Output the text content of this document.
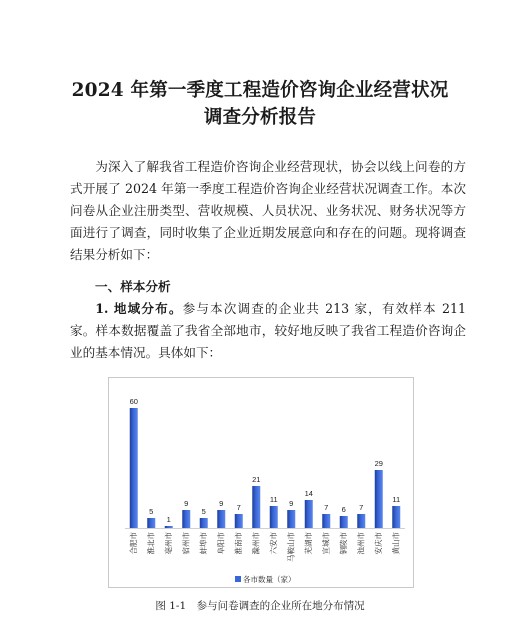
2024 年第一季度工程造价咨询企业经营状况
调查分析报告
为深入了解我省工程造价咨询企业经营现状，协会以线上问卷的方式开展了 2024 年第一季度工程造价咨询企业经营状况调查工作。本次问卷从企业注册类型、营收规模、人员状况、业务状况、财务状况等方面进行了调查，同时收集了企业近期发展意向和存在的问题。现将调查结果分析如下：
一、样本分析
1. 地域分布。参与本次调查的企业共 213 家，有效样本 211 家。样本数据覆盖了我省全部地市，较好地反映了我省工程造价咨询企业的基本情况。具体如下：
60
5
1
9
5
9 7
21
11 9
14
7 6 7
29
11
合肥市 淮北市 亳州市 宿州市 蚌埠市 阜阳市 淮南市 滁州市 六安市 马鞍山市 芜湖市 宣城市 铜陵市 池州市 安庆市 黄山市
各市数量（家）
图 1-1　参与问卷调查的企业所在地分布情况
